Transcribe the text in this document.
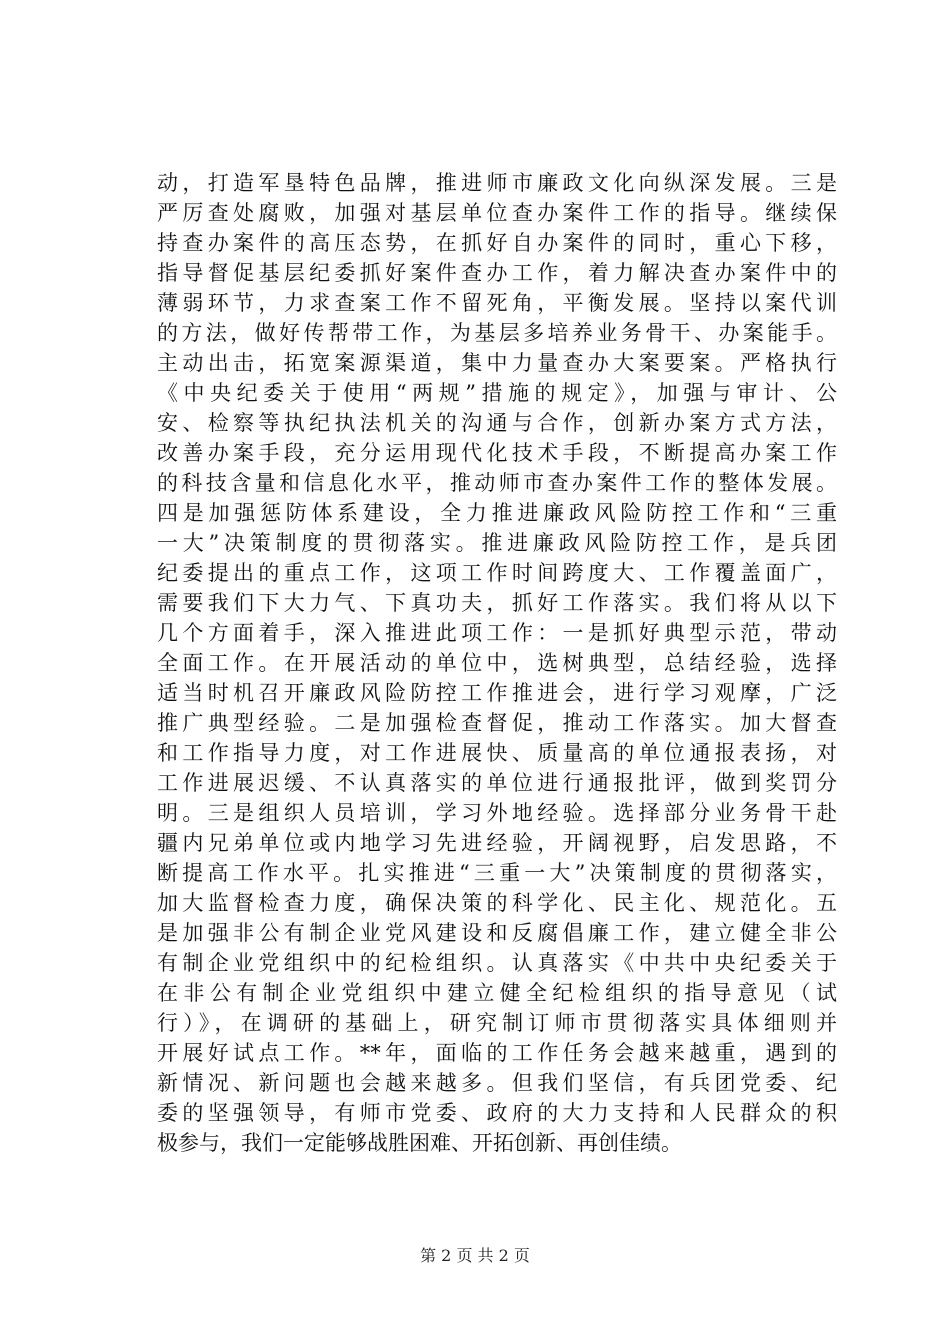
动，打造军垦特色品牌，推进师市廉政文化向纵深发展。三是
严厉查处腐败，加强对基层单位查办案件工作的指导。继续保
持查办案件的高压态势，在抓好自办案件的同时，重心下移，
指导督促基层纪委抓好案件查办工作，着力解决查办案件中的
薄弱环节，力求查案工作不留死角，平衡发展。坚持以案代训
的方法，做好传帮带工作，为基层多培养业务骨干、办案能手。
主动出击，拓宽案源渠道，集中力量查办大案要案。严格执行
《中央纪委关于使用“两规”措施的规定》，加强与审计、公
安、检察等执纪执法机关的沟通与合作，创新办案方式方法，
改善办案手段，充分运用现代化技术手段，不断提高办案工作
的科技含量和信息化水平，推动师市查办案件工作的整体发展。
四是加强惩防体系建设，全力推进廉政风险防控工作和“三重
一大”决策制度的贯彻落实。推进廉政风险防控工作，是兵团
纪委提出的重点工作，这项工作时间跨度大、工作覆盖面广，
需要我们下大力气、下真功夫，抓好工作落实。我们将从以下
几个方面着手，深入推进此项工作：一是抓好典型示范，带动
全面工作。在开展活动的单位中，选树典型，总结经验，选择
适当时机召开廉政风险防控工作推进会，进行学习观摩，广泛
推广典型经验。二是加强检查督促，推动工作落实。加大督查
和工作指导力度，对工作进展快、质量高的单位通报表扬，对
工作进展迟缓、不认真落实的单位进行通报批评，做到奖罚分
明。三是组织人员培训，学习外地经验。选择部分业务骨干赴
疆内兄弟单位或内地学习先进经验，开阔视野，启发思路，不
断提高工作水平。扎实推进“三重一大”决策制度的贯彻落实，
加大监督检查力度，确保决策的科学化、民主化、规范化。五
是加强非公有制企业党风建设和反腐倡廉工作，建立健全非公
有制企业党组织中的纪检组织。认真落实《中共中央纪委关于
在非公有制企业党组织中建立健全纪检组织的指导意见（试
行）》，在调研的基础上，研究制订师市贯彻落实具体细则并
开展好试点工作。**年，面临的工作任务会越来越重，遇到的
新情况、新问题也会越来越多。但我们坚信，有兵团党委、纪
委的坚强领导，有师市党委、政府的大力支持和人民群众的积
极参与，我们一定能够战胜困难、开拓创新、再创佳绩。
第 2 页 共 2 页
